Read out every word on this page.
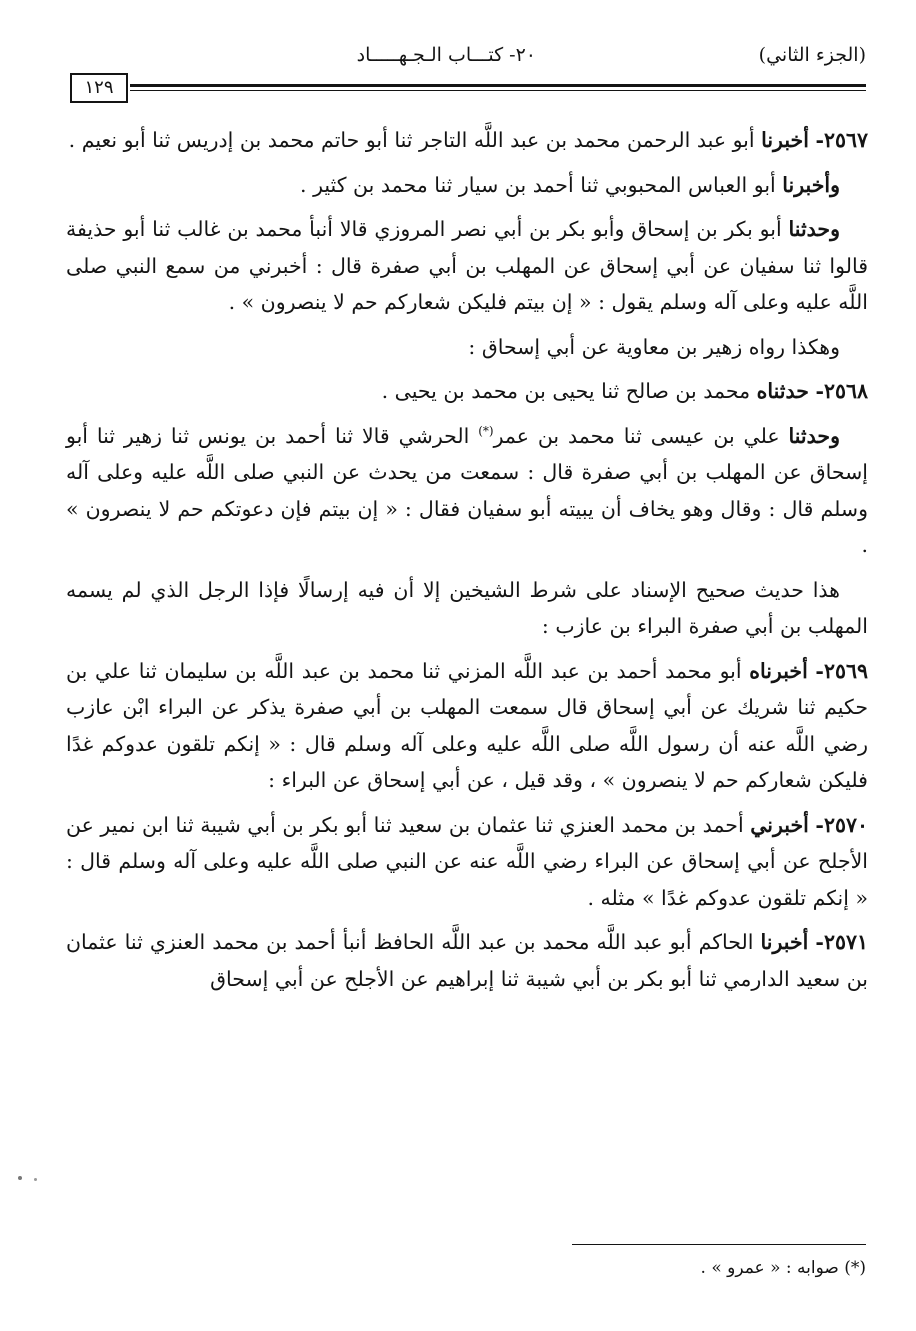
(الجزء الثاني)
٢٠- كتـــاب الـجـهـــــاد
١٢٩

٢٥٦٧- أخبرنا أبو عبد الرحمن محمد بن عبد اللَّه التاجر ثنا أبو حاتم محمد بن إدريس ثنا أبو نعيم .

وأخبرنا أبو العباس المحبوبي ثنا أحمد بن سيار ثنا محمد بن كثير .

وحدثنا أبو بكر بن إسحاق وأبو بكر بن أبي نصر المروزي قالا أنبأ محمد بن غالب ثنا أبو حذيفة قالوا ثنا سفيان عن أبي إسحاق عن المهلب بن أبي صفرة قال : أخبرني من سمع النبي صلى اللَّه عليه وعلى آله وسلم يقول : « إن بيتم فليكن شعاركم حم لا ينصرون » .

وهكذا رواه زهير بن معاوية عن أبي إسحاق :

٢٥٦٨- حدثناه محمد بن صالح ثنا يحيى بن محمد بن يحيى .

وحدثنا علي بن عيسى ثنا محمد بن عمر(*) الحرشي قالا ثنا أحمد بن يونس ثنا زهير ثنا أبو إسحاق عن المهلب بن أبي صفرة قال : سمعت من يحدث عن النبي صلى اللَّه عليه وعلى آله وسلم قال : وقال وهو يخاف أن يبيته أبو سفيان فقال : « إن بيتم فإن دعوتكم حم لا ينصرون » .

هذا حديث صحيح الإسناد على شرط الشيخين إلا أن فيه إرسالًا فإذا الرجل الذي لم يسمه المهلب بن أبي صفرة البراء بن عازب :

٢٥٦٩- أخبرناه أبو محمد أحمد بن عبد اللَّه المزني ثنا محمد بن عبد اللَّه بن سليمان ثنا علي بن حكيم ثنا شريك عن أبي إسحاق قال سمعت المهلب بن أبي صفرة يذكر عن البراء ابْن عازب رضي اللَّه عنه أن رسول اللَّه صلى اللَّه عليه وعلى آله وسلم قال : « إنكم تلقون عدوكم غدًا فليكن شعاركم حم لا ينصرون » ، وقد قيل ، عن أبي إسحاق عن البراء :

٢٥٧٠- أخبرني أحمد بن محمد العنزي ثنا عثمان بن سعيد ثنا أبو بكر بن أبي شيبة ثنا ابن نمير عن الأجلح عن أبي إسحاق عن البراء رضي اللَّه عنه عن النبي صلى اللَّه عليه وعلى آله وسلم قال : « إنكم تلقون عدوكم غدًا » مثله .

٢٥٧١- أخبرنا الحاكم أبو عبد اللَّه محمد بن عبد اللَّه الحافظ أنبأ أحمد بن محمد العنزي ثنا عثمان بن سعيد الدارمي ثنا أبو بكر بن أبي شيبة ثنا إبراهيم عن الأجلح عن أبي إسحاق

(*) صوابه : « عمرو » .
